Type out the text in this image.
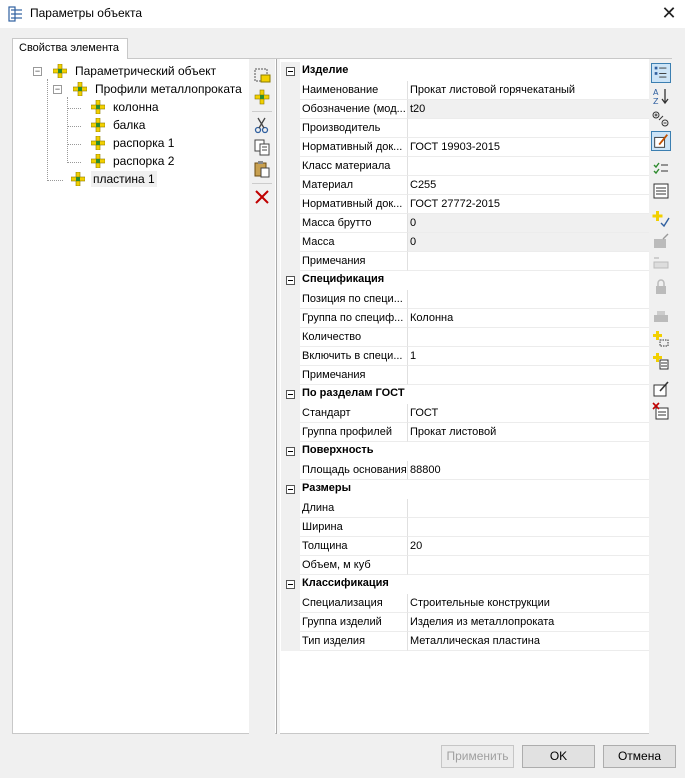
Параметры объекта	✕
Свойства элемента
−
−
Параметрический объект
Профили металлопроката
колонна
балка
распорка 1
распорка 2
пластина 1
Изделие
Наименование	Прокат листовой горячекатаный
Обозначение (мод... t20
Производитель
Нормативный док... ГОСТ 19903-2015
Класс материала
Материал	С255
Нормативный док... ГОСТ 27772-2015
Масса брутто	0
Масса	0
Примечания
Спецификация
Позиция по специ...
Группа по специф... Колонна
Количество
Включить в специ... 1
Примечания
По разделам ГОСТ
Стандарт	ГОСТ
Группа профилей	Прокат листовой
Поверхность
Площадь основания 88800
Размеры
Длина
Ширина
Толщина	20
Объем, м куб
Классификация
Специализация	Строительные конструкции
Группа изделий	Изделия из металлопроката
Тип изделия	Металлическая пластина
A
Z
Применить	OK	Отмена
